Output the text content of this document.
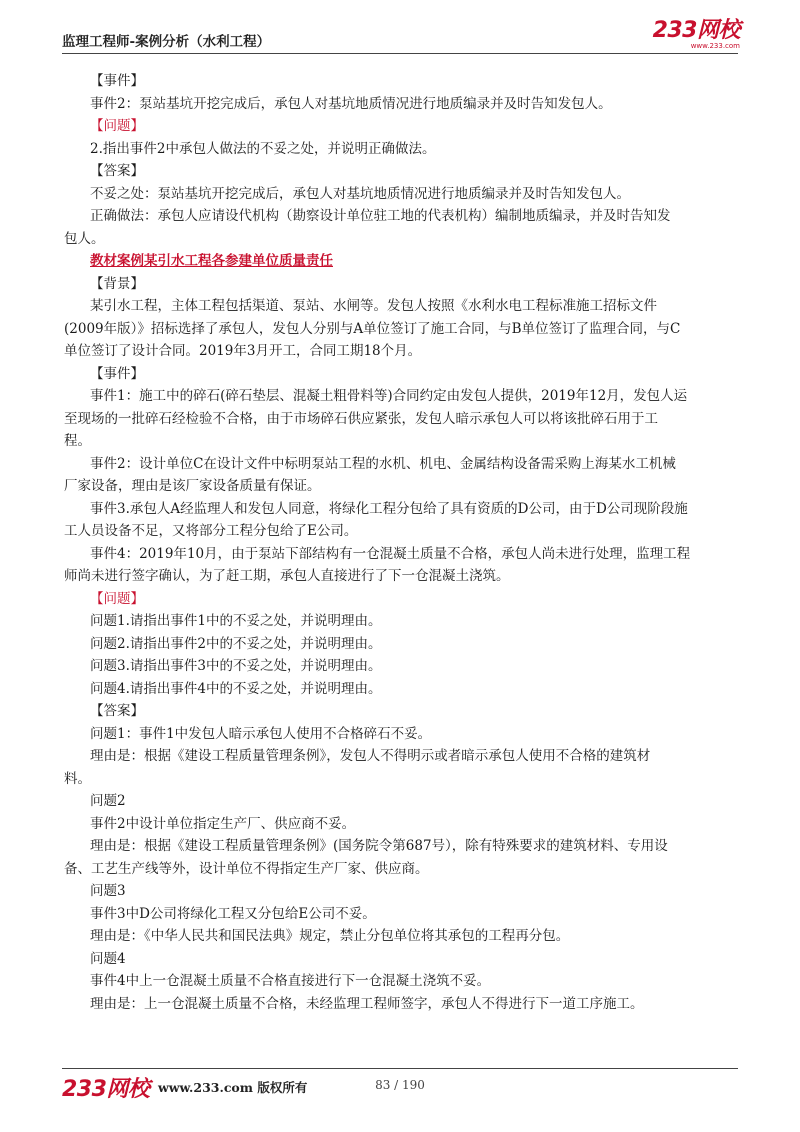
监理工程师-案例分析（水利工程）	233网校
www.233.com

【事件】

事件2：泵站基坑开挖完成后，承包人对基坑地质情况进行地质编录并及时告知发包人。

【问题】

2.指出事件2中承包人做法的不妥之处，并说明正确做法。

【答案】

不妥之处：泵站基坑开挖完成后，承包人对基坑地质情况进行地质编录并及时告知发包人。

正确做法：承包人应请设代机构（勘察设计单位驻工地的代表机构）编制地质编录，并及时告知发

包人。

教材案例某引水工程各参建单位质量责任

【背景】

某引水工程，主体工程包括渠道、泵站、水闸等。发包人按照《水利水电工程标准施工招标文件

(2009年版）》招标选择了承包人，发包人分别与A单位签订了施工合同，与B单位签订了监理合同，与C

单位签订了设计合同。2019年3月开工，合同工期18个月。

【事件】

事件1：施工中的碎石(碎石垫层、混凝土粗骨料等)合同约定由发包人提供，2019年12月，发包人运

至现场的一批碎石经检验不合格，由于市场碎石供应紧张，发包人暗示承包人可以将该批碎石用于工

程。

事件2：设计单位C在设计文件中标明泵站工程的水机、机电、金属结构设备需采购上海某水工机械

厂家设备，理由是该厂家设备质量有保证。

事件3.承包人A经监理人和发包人同意，将绿化工程分包给了具有资质的D公司，由于D公司现阶段施

工人员设备不足，又将部分工程分包给了E公司。

事件4：2019年10月，由于泵站下部结构有一仓混凝土质量不合格，承包人尚未进行处理，监理工程

师尚未进行签字确认，为了赶工期，承包人直接进行了下一仓混凝土浇筑。

【问题】

问题1.请指出事件1中的不妥之处，并说明理由。

问题2.请指出事件2中的不妥之处，并说明理由。

问题3.请指出事件3中的不妥之处，并说明理由。

问题4.请指出事件4中的不妥之处，并说明理由。

【答案】

问题1：事件1中发包人暗示承包人使用不合格碎石不妥。

理由是：根据《建设工程质量管理条例》，发包人不得明示或者暗示承包人使用不合格的建筑材

料。

问题2

事件2中设计单位指定生产厂、供应商不妥。

理由是：根据《建设工程质量管理条例》(国务院令第687号），除有特殊要求的建筑材料、专用设

备、工艺生产线等外，设计单位不得指定生产厂家、供应商。

问题3

事件3中D公司将绿化工程又分包给E公司不妥。

理由是：《中华人民共和国民法典》规定，禁止分包单位将其承包的工程再分包。

问题4

事件4中上一仓混凝土质量不合格直接进行下一仓混凝土浇筑不妥。

理由是：上一仓混凝土质量不合格，未经监理工程师签字，承包人不得进行下一道工序施工。

233网校 www.233.com 版权所有	83 / 190
